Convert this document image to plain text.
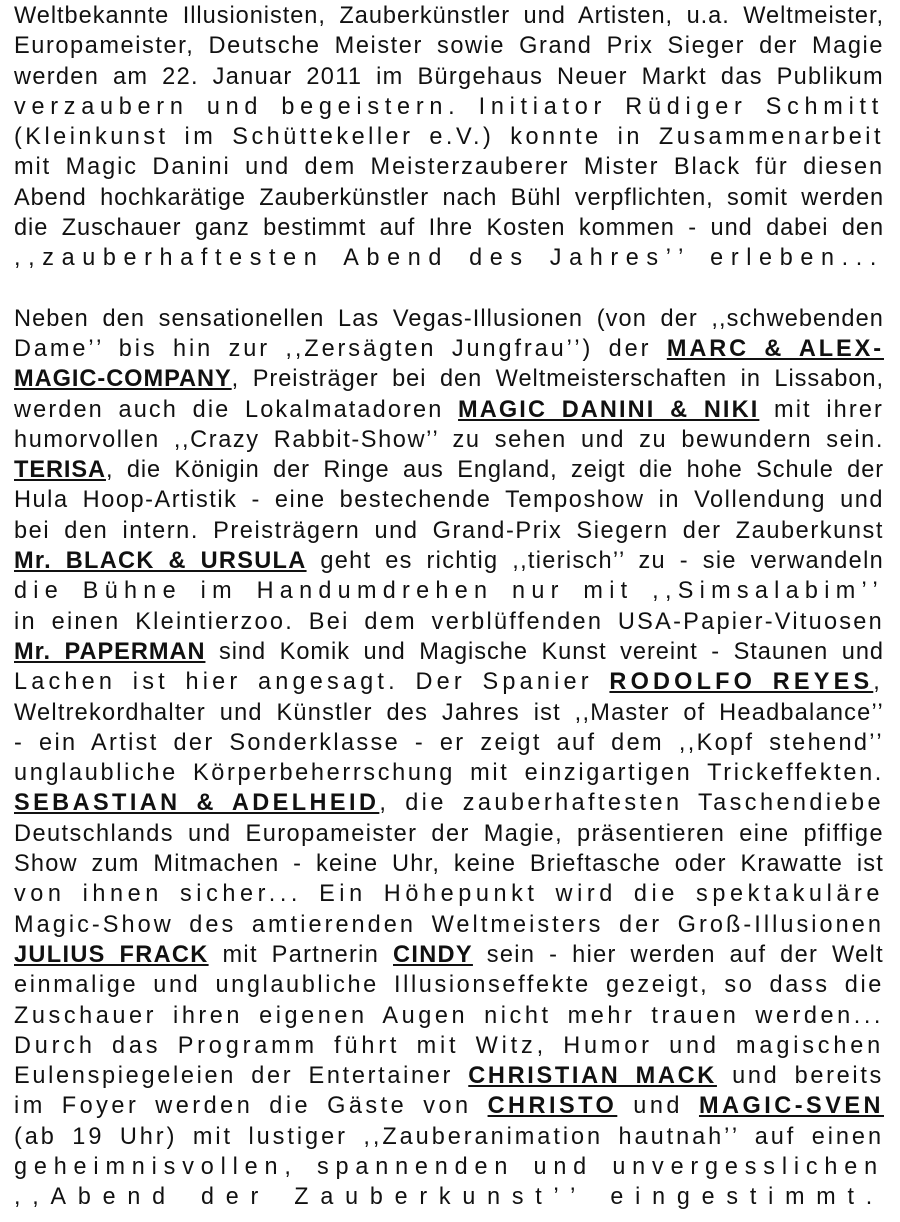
Weltbekannte Illusionisten, Zauberkünstler und Artisten, u.a. Weltmeister,
Europameister, Deutsche Meister sowie Grand Prix Sieger der Magie
werden am 22. Januar 2011 im Bürgehaus Neuer Markt das Publikum
verzaubern und begeistern. Initiator Rüdiger Schmitt
(Kleinkunst im Schüttekeller e.V.) konnte in Zusammenarbeit
mit Magic Danini und dem Meisterzauberer Mister Black für diesen
Abend hochkarätige Zauberkünstler nach Bühl verpflichten, somit werden
die Zuschauer ganz bestimmt auf Ihre Kosten kommen - und dabei den
,,zauberhaftesten Abend des Jahres’’ erleben...
Neben den sensationellen Las Vegas-Illusionen (von der ,,schwebenden
Dame’’ bis hin zur ,,Zersägten Jungfrau’’) der MARC & ALEX-
MAGIC-COMPANY, Preisträger bei den Weltmeisterschaften in Lissabon,
werden auch die Lokalmatadoren MAGIC DANINI & NIKI mit ihrer
humorvollen ,,Crazy Rabbit-Show’’ zu sehen und zu bewundern sein.
TERISA, die Königin der Ringe aus England, zeigt die hohe Schule der
Hula Hoop-Artistik - eine bestechende Temposhow in Vollendung und
bei den intern. Preisträgern und Grand-Prix Siegern der Zauberkunst
Mr. BLACK & URSULA geht es richtig ,,tierisch’’ zu - sie verwandeln
die Bühne im Handumdrehen nur mit ,,Simsalabim’’
in einen Kleintierzoo. Bei dem verblüffenden USA-Papier-Vituosen
Mr. PAPERMAN sind Komik und Magische Kunst vereint - Staunen und
Lachen ist hier angesagt. Der Spanier RODOLFO REYES,
Weltrekordhalter und Künstler des Jahres ist ,,Master of Headbalance’’
- ein Artist der Sonderklasse - er zeigt auf dem ,,Kopf stehend’’
unglaubliche Körperbeherrschung mit einzigartigen Trickeffekten.
SEBASTIAN & ADELHEID, die zauberhaftesten Taschendiebe
Deutschlands und Europameister der Magie, präsentieren eine pfiffige
Show zum Mitmachen - keine Uhr, keine Brieftasche oder Krawatte ist
von ihnen sicher... Ein Höhepunkt wird die spektakuläre
Magic-Show des amtierenden Weltmeisters der Groß-Illusionen
JULIUS FRACK mit Partnerin CINDY sein - hier werden auf der Welt
einmalige und unglaubliche Illusionseffekte gezeigt, so dass die
Zuschauer ihren eigenen Augen nicht mehr trauen werden...
Durch das Programm führt mit Witz, Humor und magischen
Eulenspiegeleien der Entertainer CHRISTIAN MACK und bereits
im Foyer werden die Gäste von CHRISTO und MAGIC-SVEN
(ab 19 Uhr) mit lustiger ,,Zauberanimation hautnah’’ auf einen
geheimnisvollen, spannenden und unvergesslichen
,,Abend der Zauberkunst’’ eingestimmt.
